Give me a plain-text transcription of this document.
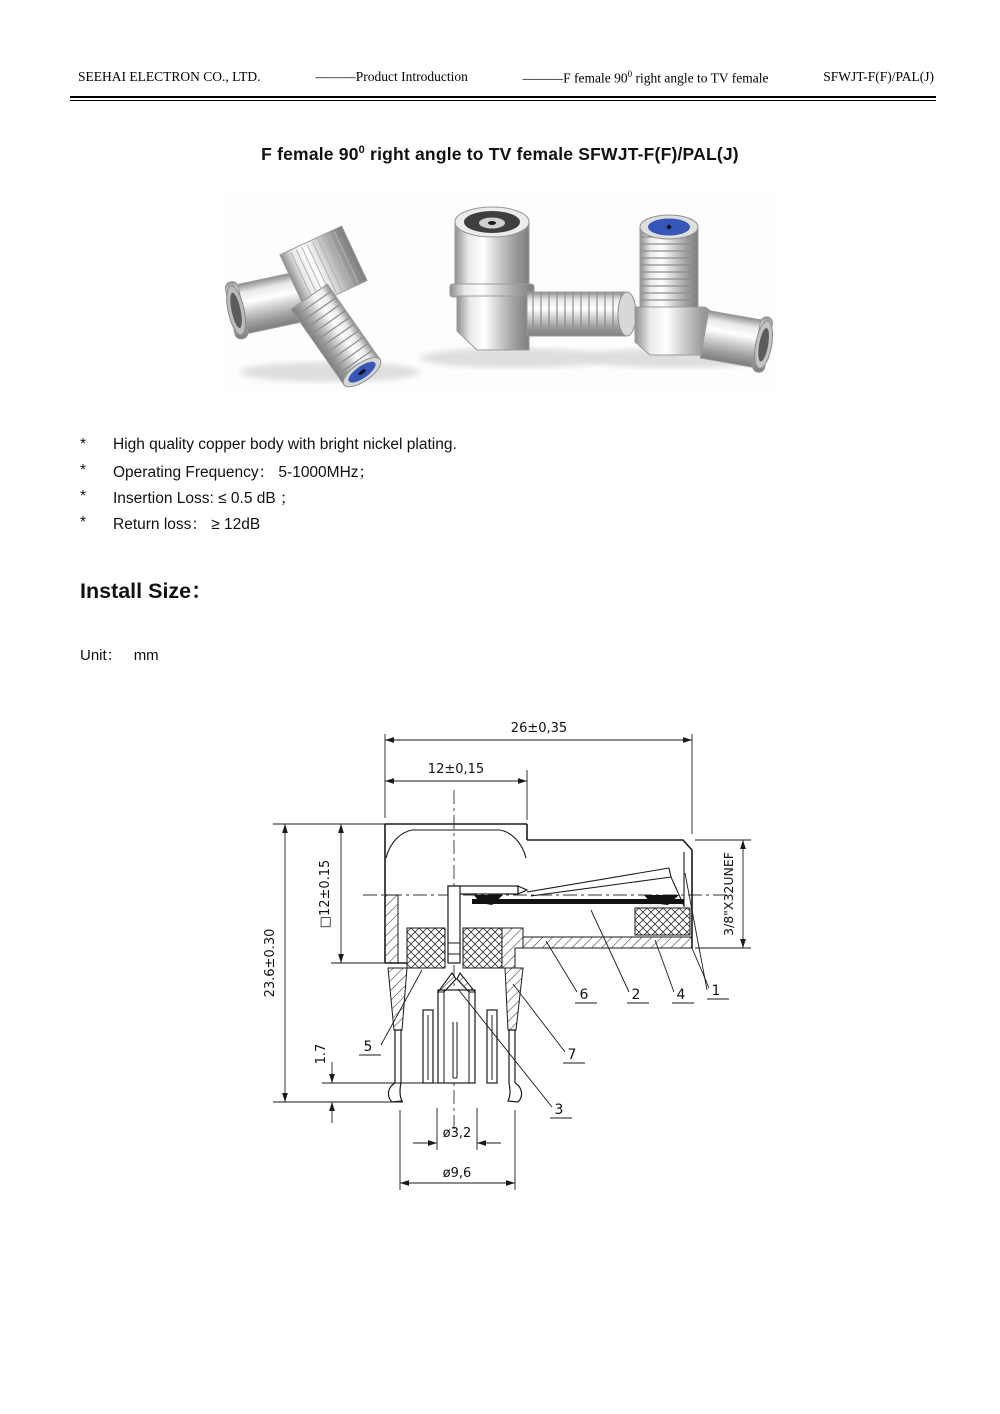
SEEHAI ELECTRON CO., LTD.	———Product Introduction	———F female $90^0$ right angle to TV female	SFWJT-F(F)/PAL(J)
F female $90^0$ right angle to TV female SFWJT-F(F)/PAL(J)
*	High quality copper body with bright nickel plating.
*	Operating Frequency： 5-1000MHz；
*	Insertion Loss: ≤ 0.5 dB ；
*	Return loss： ≥ 12dB
Install Size：
Unit： mm
26±0,35
12±0,15
23.6±0.30
□12±0.15
1.7
ø3,2
ø9,6
3/8"X32UNEF
5
6	2	4 1
7
3
